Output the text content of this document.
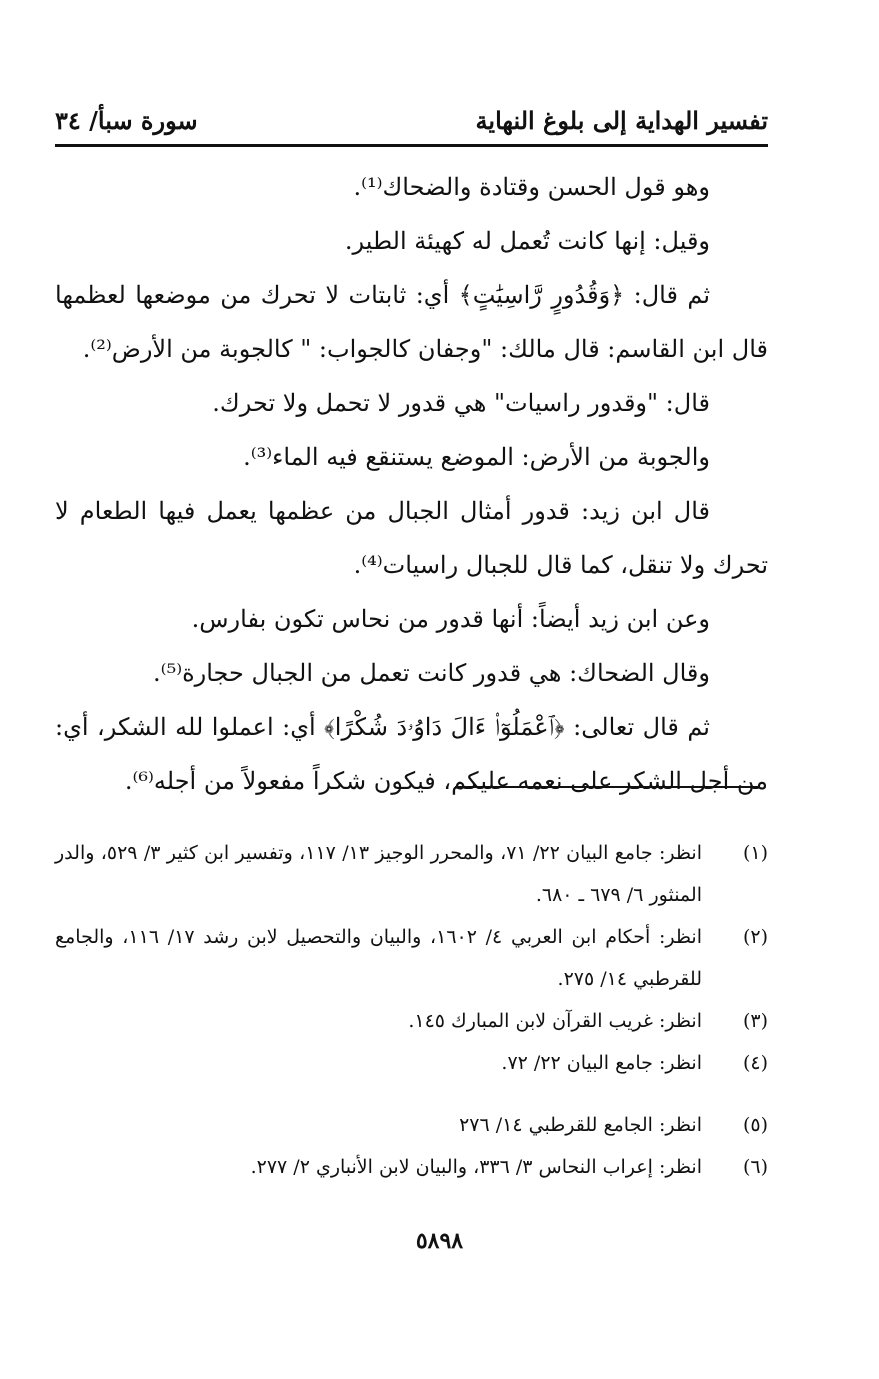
تفسير الهداية إلى بلوغ النهاية
سورة سبأ/ ٣٤

وهو قول الحسن وقتادة والضحاك⁽¹⁾.

وقيل: إنها كانت تُعمل له كهيئة الطير.

ثم قال: ﴿وَقُدُورٍ رَّاسِيَٰتٍ﴾ أي: ثابتات لا تحرك من موضعها لعظمها قال ابن القاسم: قال مالك: "وجفان كالجواب: " كالجوبة من الأرض⁽²⁾.

قال: "وقدور راسيات" هي قدور لا تحمل ولا تحرك.

والجوبة من الأرض: الموضع يستنقع فيه الماء⁽³⁾.

قال ابن زيد: قدور أمثال الجبال من عظمها يعمل فيها الطعام لا تحرك ولا تنقل، كما قال للجبال راسيات⁽⁴⁾.

وعن ابن زيد أيضاً: أنها قدور من نحاس تكون بفارس.

وقال الضحاك: هي قدور كانت تعمل من الجبال حجارة⁽⁵⁾.

ثم قال تعالى: ﴿ٱعْمَلُوٓا۟ ءَالَ دَاوُۥدَ شُكْرًا﴾ أي: اعملوا لله الشكر، أي: من أجل الشكر على نعمه عليكم، فيكون شكراً مفعولاً من أجله⁽⁶⁾.

(١)
انظر: جامع البيان ٢٢/ ٧١، والمحرر الوجيز ١٣/ ١١٧، وتفسير ابن كثير ٣/ ٥٢٩، والدر المنثور ٦/ ٦٧٩ ـ ٦٨٠.
(٢)
انظر: أحكام ابن العربي ٤/ ١٦٠٢، والبيان والتحصيل لابن رشد ١٧/ ١١٦، والجامع للقرطبي ١٤/ ٢٧٥.
(٣)
انظر: غريب القرآن لابن المبارك ١٤٥.
(٤)
انظر: جامع البيان ٢٢/ ٧٢.
(٥)
انظر: الجامع للقرطبي ١٤/ ٢٧٦
(٦)
انظر: إعراب النحاس ٣/ ٣٣٦، والبيان لابن الأنباري ٢/ ٢٧٧.
٥٨٩٨
